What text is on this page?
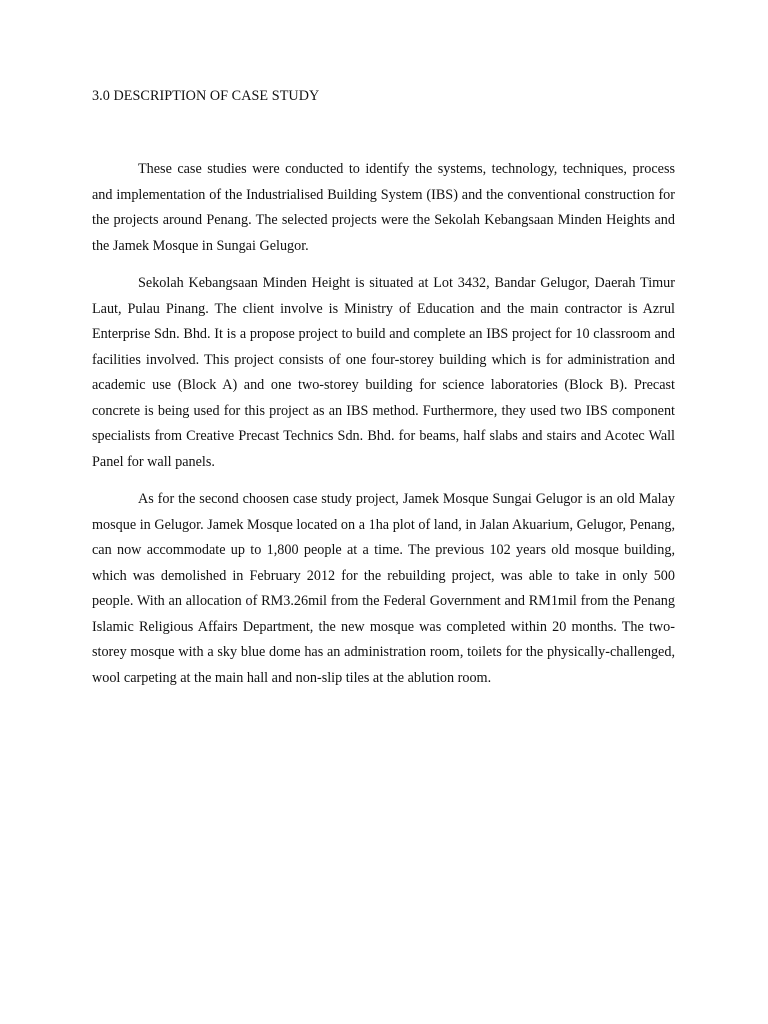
3.0 DESCRIPTION OF CASE STUDY

These case studies were conducted to identify the systems, technology, techniques, process and implementation of the Industrialised Building System (IBS) and the conventional construction for the projects around Penang. The selected projects were the Sekolah Kebangsaan Minden Heights and the Jamek Mosque in Sungai Gelugor.

Sekolah Kebangsaan Minden Height is situated at Lot 3432, Bandar Gelugor, Daerah Timur Laut, Pulau Pinang. The client involve is Ministry of Education and the main contractor is Azrul Enterprise Sdn. Bhd. It is a propose project to build and complete an IBS project for 10 classroom and facilities involved. This project consists of one four-storey building which is for administration and academic use (Block A) and one two-storey building for science laboratories (Block B). Precast concrete is being used for this project as an IBS method. Furthermore, they used two IBS component specialists from Creative Precast Technics Sdn. Bhd. for beams, half slabs and stairs and Acotec Wall Panel for wall panels.

As for the second choosen case study project, Jamek Mosque Sungai Gelugor is an old Malay mosque in Gelugor. Jamek Mosque located on a 1ha plot of land, in Jalan Akuarium, Gelugor, Penang, can now accommodate up to 1,800 people at a time. The previous 102 years old mosque building, which was demolished in February 2012 for the rebuilding project, was able to take in only 500 people. With an allocation of RM3.26mil from the Federal Government and RM1mil from the Penang Islamic Religious Affairs Department, the new mosque was completed within 20 months. The two-storey mosque with a sky blue dome has an administration room, toilets for the physically-challenged, wool carpeting at the main hall and non-slip tiles at the ablution room.
